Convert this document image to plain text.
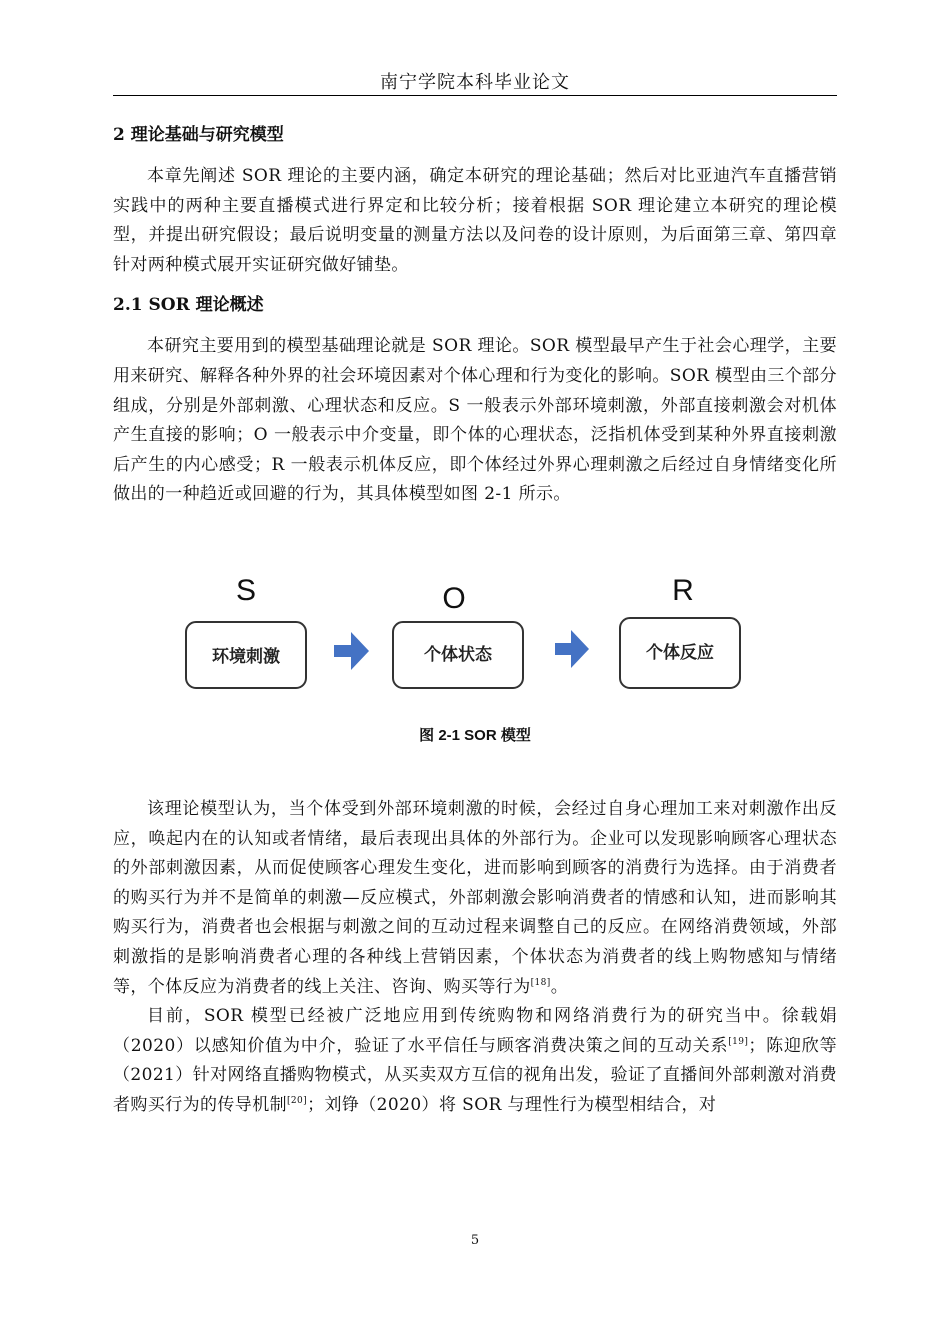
南宁学院本科毕业论文
2 理论基础与研究模型

本章先阐述 SOR 理论的主要内涵，确定本研究的理论基础；然后对比亚迪汽车直播营销实践中的两种主要直播模式进行界定和比较分析；接着根据 SOR 理论建立本研究的理论模型，并提出研究假设；最后说明变量的测量方法以及问卷的设计原则，为后面第三章、第四章针对两种模式展开实证研究做好铺垫。

2.1 SOR 理论概述

本研究主要用到的模型基础理论就是 SOR 理论。SOR 模型最早产生于社会心理学，主要用来研究、解释各种外界的社会环境因素对个体心理和行为变化的影响。SOR 模型由三个部分组成，分别是外部刺激、心理状态和反应。S 一般表示外部环境刺激，外部直接刺激会对机体产生直接的影响；O 一般表示中介变量，即个体的心理状态，泛指机体受到某种外界直接刺激后产生的内心感受；R 一般表示机体反应，即个体经过外界心理刺激之后经过自身情绪变化所做出的一种趋近或回避的行为，其具体模型如图 2-1 所示。

S	O	R
环境刺激	个体状态	个体反应
图 2-1 SOR 模型

该理论模型认为，当个体受到外部环境刺激的时候，会经过自身心理加工来对刺激作出反应，唤起内在的认知或者情绪，最后表现出具体的外部行为。企业可以发现影响顾客心理状态的外部刺激因素，从而促使顾客心理发生变化，进而影响到顾客的消费行为选择。由于消费者的购买行为并不是简单的刺激—反应模式，外部刺激会影响消费者的情感和认知，进而影响其购买行为，消费者也会根据与刺激之间的互动过程来调整自己的反应。在网络消费领域，外部刺激指的是影响消费者心理的各种线上营销因素，个体状态为消费者的线上购物感知与情绪等，个体反应为消费者的线上关注、咨询、购买等行为[18]。

目前，SOR 模型已经被广泛地应用到传统购物和网络消费行为的研究当中。徐载娟（2020）以感知价值为中介，验证了水平信任与顾客消费决策之间的互动关系[19]；陈迎欣等（2021）针对网络直播购物模式，从买卖双方互信的视角出发，验证了直播间外部刺激对消费者购买行为的传导机制[20]；刘铮（2020）将 SOR 与理性行为模型相结合，对

5
